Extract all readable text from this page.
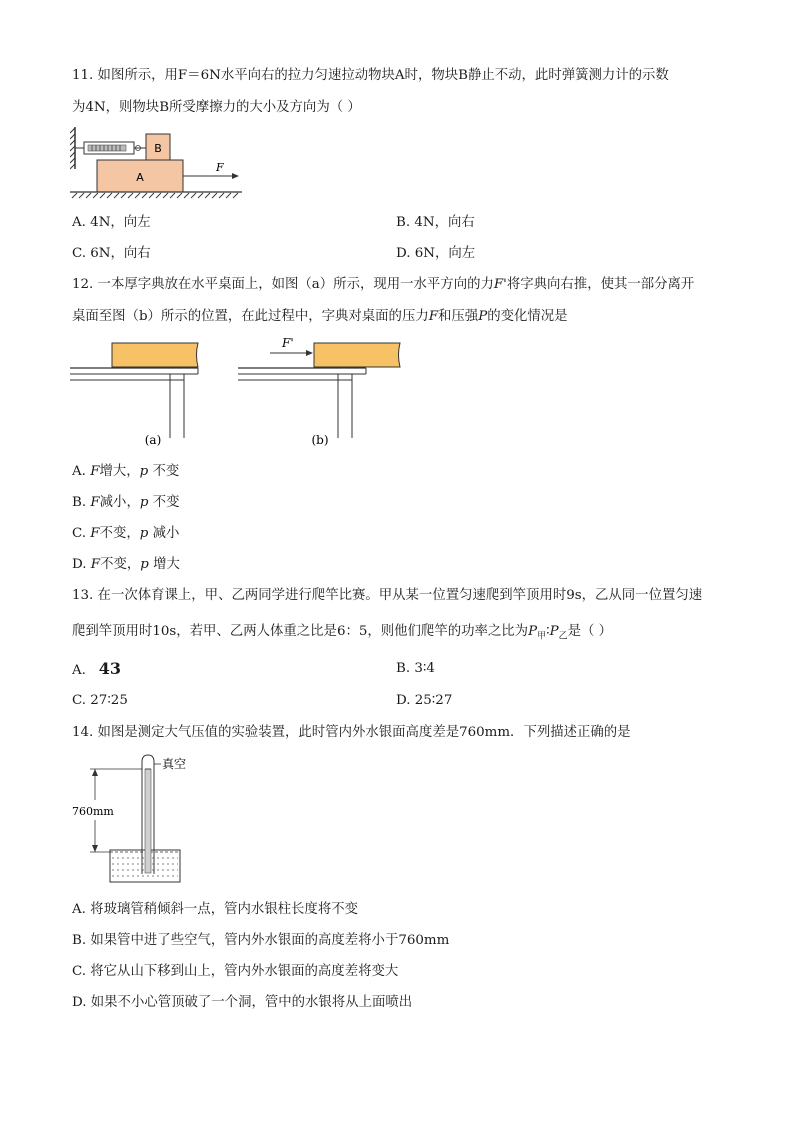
11. 如图所示，用F＝6N水平向右的拉力匀速拉动物块A时，物块B静止不动，此时弹簧测力计的示数
为4N，则物块B所受摩擦力的大小及方向为（ ）
B
A
F
A. 4N，向左	B. 4N，向右
C. 6N，向右	D. 6N，向左
12. 一本厚字典放在水平桌面上，如图（a）所示，现用一水平方向的力F'将字典向右推，使其一部分离开
桌面至图（b）所示的位置，在此过程中，字典对桌面的压力F和压强P的变化情况是
(a)
F'
(b)
A. F增大，p 不变
B. F减小，p 不变
C. F不变，p 减小
D. F不变，p 增大
13. 在一次体育课上，甲、乙两同学进行爬竿比赛。甲从某一位置匀速爬到竿顶用时9s，乙从同一位置匀速
爬到竿顶用时10s，若甲、乙两人体重之比是6：5，则他们爬竿的功率之比为$P_甲∶P_乙$是（ ）
A. 43	B. 3∶4
C. 27∶25	D. 25∶27
14. 如图是测定大气压值的实验装置，此时管内外水银面高度差是760mm．下列描述正确的是
真空
760mm
A. 将玻璃管稍倾斜一点，管内水银柱长度将不变
B. 如果管中进了些空气，管内外水银面的高度差将小于760mm
C. 将它从山下移到山上，管内外水银面的高度差将变大
D. 如果不小心管顶破了一个洞，管中的水银将从上面喷出
